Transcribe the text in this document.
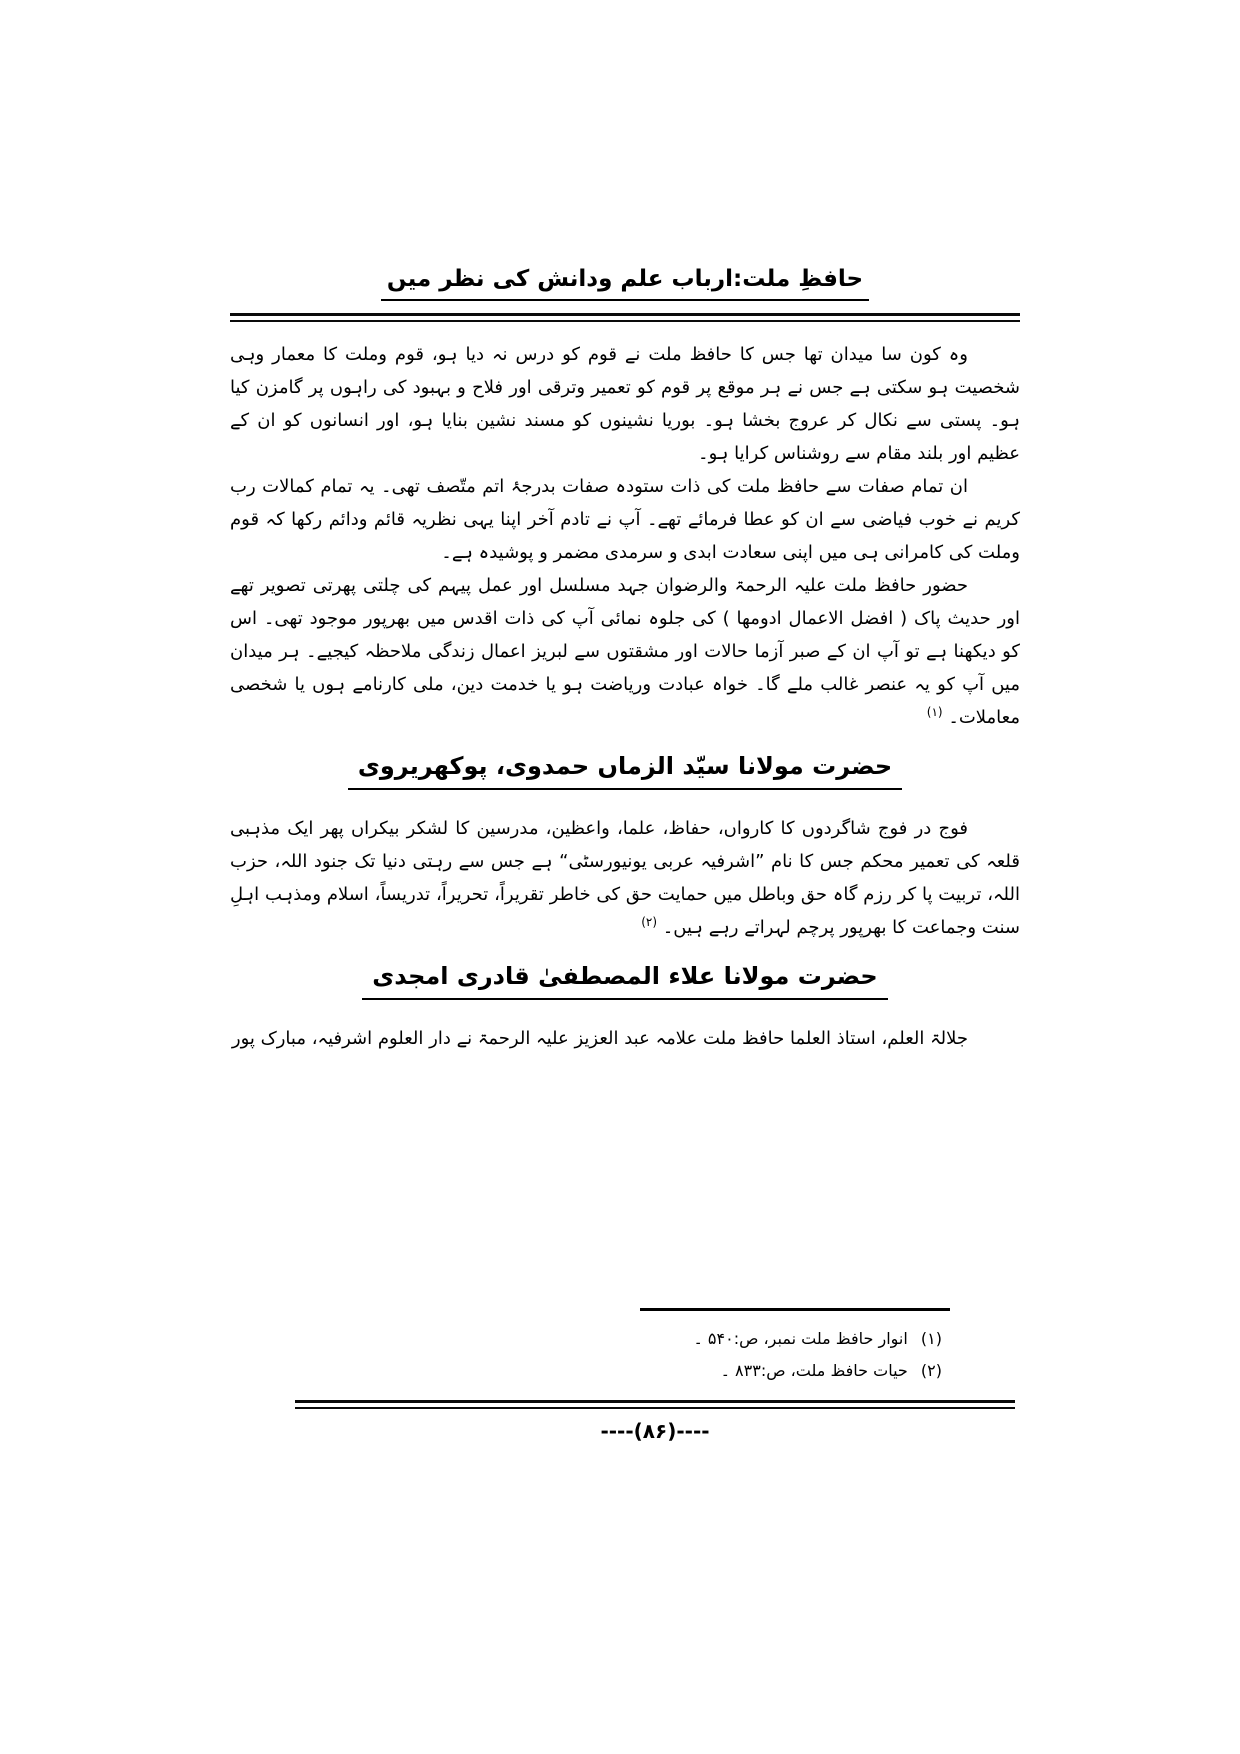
حافظِ ملت:ارباب علم ودانش کی نظر میں

وہ کون سا میدان تھا جس کا حافظ ملت نے قوم کو درس نہ دیا ہو، قوم وملت کا معمار وہی شخصیت ہو سکتی ہے جس نے ہر موقع پر قوم کو تعمیر وترقی اور فلاح و بہبود کی راہوں پر گامزن کیا ہو۔ پستی سے نکال کر عروج بخشا ہو۔ بوریا نشینوں کو مسند نشین بنایا ہو، اور انسانوں کو ان کے عظیم اور بلند مقام سے روشناس کرایا ہو۔

ان تمام صفات سے حافظ ملت کی ذات ستودہ صفات بدرجۂ اتم متّصف تھی۔ یہ تمام کمالات رب کریم نے خوب فیاضی سے ان کو عطا فرمائے تھے۔ آپ نے تادم آخر اپنا یہی نظریہ قائم ودائم رکھا کہ قوم وملت کی کامرانی ہی میں اپنی سعادت ابدی و سرمدی مضمر و پوشیدہ ہے۔

حضور حافظ ملت علیہ الرحمۃ والرضوان جہد مسلسل اور عمل پیہم کی چلتی پھرتی تصویر تھے اور حدیث پاک ( افضل الاعمال ادومها ) کی جلوہ نمائی آپ کی ذات اقدس میں بھرپور موجود تھی۔ اس کو دیکھنا ہے تو آپ ان کے صبر آزما حالات اور مشقتوں سے لبریز اعمال زندگی ملاحظہ کیجیے۔ ہر میدان میں آپ کو یہ عنصر غالب ملے گا۔ خواہ عبادت وریاضت ہو یا خدمت دین، ملی کارنامے ہوں یا شخصی معاملات۔ $^{(۱)}$

حضرت مولانا سیّد الزماں حمدوی، پوکھریروی

فوج در فوج شاگردوں کا کارواں، حفاظ، علما، واعظین، مدرسین کا لشکر بیکراں پھر ایک مذہبی قلعہ کی تعمیر محکم جس کا نام ”اشرفیہ عربی یونیورسٹی“ ہے جس سے رہتی دنیا تک جنود اللہ، حزب اللہ، تربیت پا کر رزم گاہ حق وباطل میں حمایت حق کی خاطر تقریراً، تحریراً، تدریساً، اسلام ومذہب اہلِ سنت وجماعت کا بھرپور پرچم لہراتے رہے ہیں۔ $^{(۲)}$

حضرت مولانا علاء المصطفیٰ قادری امجدی

جلالۃ العلم، استاذ العلما حافظ ملت علامہ عبد العزیز علیہ الرحمۃ نے دار العلوم اشرفیہ، مبارک پور

(۱) انوار حافظ ملت نمبر، ص:۵۴۰ ۔

(۲) حیات حافظ ملت، ص:۸۳۳ ۔

----(۸۶)----
